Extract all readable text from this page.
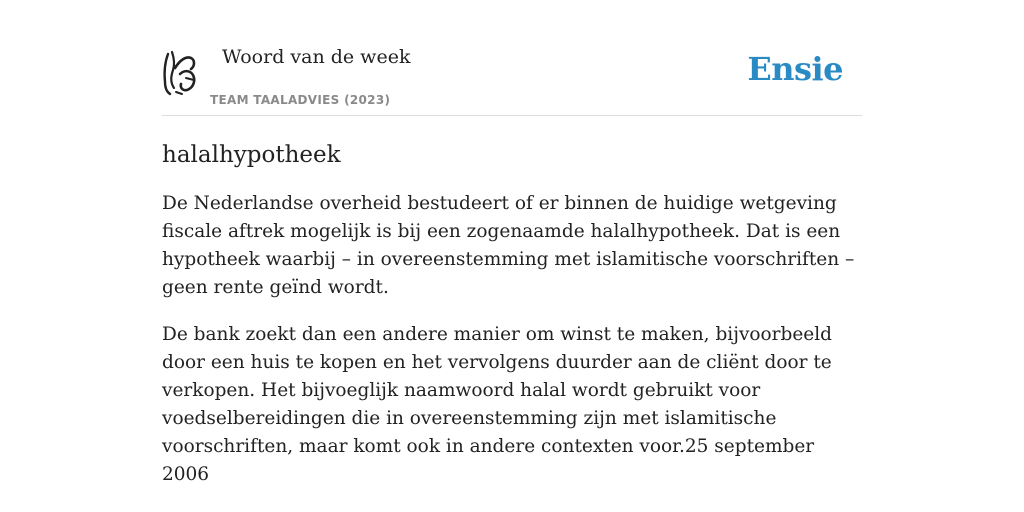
Woord van de week
TEAM TAALADVIES (2023)
Ensie
halalhypotheek

De Nederlandse overheid bestudeert of er binnen de huidige wetgeving fiscale aftrek mogelijk is bij een zogenaamde halalhypotheek. Dat is een hypotheek waarbij – in overeenstemming met islamitische voorschriften – geen rente geïnd wordt.

De bank zoekt dan een andere manier om winst te maken, bijvoorbeeld door een huis te kopen en het vervolgens duurder aan de cliënt door te verkopen. Het bijvoeglijk naamwoord halal wordt gebruikt voor voedselbereidingen die in overeenstemming zijn met islamitische voorschriften, maar komt ook in andere contexten voor.25 september 2006
